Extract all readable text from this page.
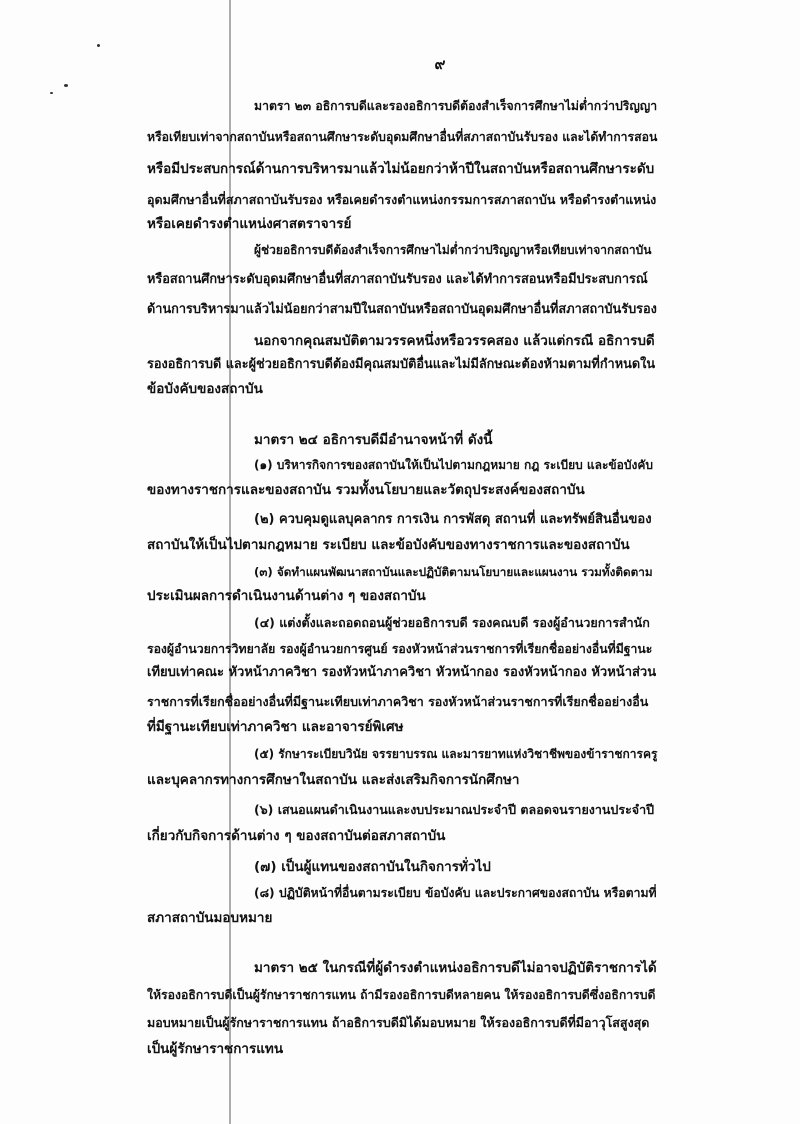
๙
มาตรา ๒๓ อธิการบดีและรองอธิการบดีต้องสำเร็จการศึกษาไม่ต่ำกว่าปริญญา
หรือเทียบเท่าจากสถาบันหรือสถานศึกษาระดับอุดมศึกษาอื่นที่สภาสถาบันรับรอง และได้ทำการสอน
หรือมีประสบการณ์ด้านการบริหารมาแล้วไม่น้อยกว่าห้าปีในสถาบันหรือสถานศึกษาระดับ
อุดมศึกษาอื่นที่สภาสถาบันรับรอง หรือเคยดำรงตำแหน่งกรรมการสภาสถาบัน หรือดำรงตำแหน่ง
หรือเคยดำรงตำแหน่งศาสตราจารย์
ผู้ช่วยอธิการบดีต้องสำเร็จการศึกษาไม่ต่ำกว่าปริญญาหรือเทียบเท่าจากสถาบัน
หรือสถานศึกษาระดับอุดมศึกษาอื่นที่สภาสถาบันรับรอง และได้ทำการสอนหรือมีประสบการณ์
ด้านการบริหารมาแล้วไม่น้อยกว่าสามปีในสถาบันหรือสถาบันอุดมศึกษาอื่นที่สภาสถาบันรับรอง
นอกจากคุณสมบัติตามวรรคหนึ่งหรือวรรคสอง แล้วแต่กรณี อธิการบดี
รองอธิการบดี และผู้ช่วยอธิการบดีต้องมีคุณสมบัติอื่นและไม่มีลักษณะต้องห้ามตามที่กำหนดใน
ข้อบังคับของสถาบัน
มาตรา ๒๔ อธิการบดีมีอำนาจหน้าที่ ดังนี้
(๑) บริหารกิจการของสถาบันให้เป็นไปตามกฎหมาย กฎ ระเบียบ และข้อบังคับ
ของทางราชการและของสถาบัน รวมทั้งนโยบายและวัตถุประสงค์ของสถาบัน
(๒) ควบคุมดูแลบุคลากร การเงิน การพัสดุ สถานที่ และทรัพย์สินอื่นของ
สถาบันให้เป็นไปตามกฎหมาย ระเบียบ และข้อบังคับของทางราชการและของสถาบัน
(๓) จัดทำแผนพัฒนาสถาบันและปฏิบัติตามนโยบายและแผนงาน รวมทั้งติดตาม
ประเมินผลการดำเนินงานด้านต่าง ๆ ของสถาบัน
(๔) แต่งตั้งและถอดถอนผู้ช่วยอธิการบดี รองคณบดี รองผู้อำนวยการสำนัก
รองผู้อำนวยการวิทยาลัย รองผู้อำนวยการศูนย์ รองหัวหน้าส่วนราชการที่เรียกชื่ออย่างอื่นที่มีฐานะ
เทียบเท่าคณะ หัวหน้าภาควิชา รองหัวหน้าภาควิชา หัวหน้ากอง รองหัวหน้ากอง หัวหน้าส่วน
ราชการที่เรียกชื่ออย่างอื่นที่มีฐานะเทียบเท่าภาควิชา รองหัวหน้าส่วนราชการที่เรียกชื่ออย่างอื่น
ที่มีฐานะเทียบเท่าภาควิชา และอาจารย์พิเศษ
(๕) รักษาระเบียบวินัย จรรยาบรรณ และมารยาทแห่งวิชาชีพของข้าราชการครู
และบุคลากรทางการศึกษาในสถาบัน และส่งเสริมกิจการนักศึกษา
(๖) เสนอแผนดำเนินงานและงบประมาณประจำปี ตลอดจนรายงานประจำปี
เกี่ยวกับกิจการด้านต่าง ๆ ของสถาบันต่อสภาสถาบัน
(๗) เป็นผู้แทนของสถาบันในกิจการทั่วไป
(๘) ปฏิบัติหน้าที่อื่นตามระเบียบ ข้อบังคับ และประกาศของสถาบัน หรือตามที่
สภาสถาบันมอบหมาย
มาตรา ๒๕ ในกรณีที่ผู้ดำรงตำแหน่งอธิการบดีไม่อาจปฏิบัติราชการได้
ให้รองอธิการบดีเป็นผู้รักษาราชการแทน ถ้ามีรองอธิการบดีหลายคน ให้รองอธิการบดีซึ่งอธิการบดี
มอบหมายเป็นผู้รักษาราชการแทน ถ้าอธิการบดีมิได้มอบหมาย ให้รองอธิการบดีที่มีอาวุโสสูงสุด
เป็นผู้รักษาราชการแทน
